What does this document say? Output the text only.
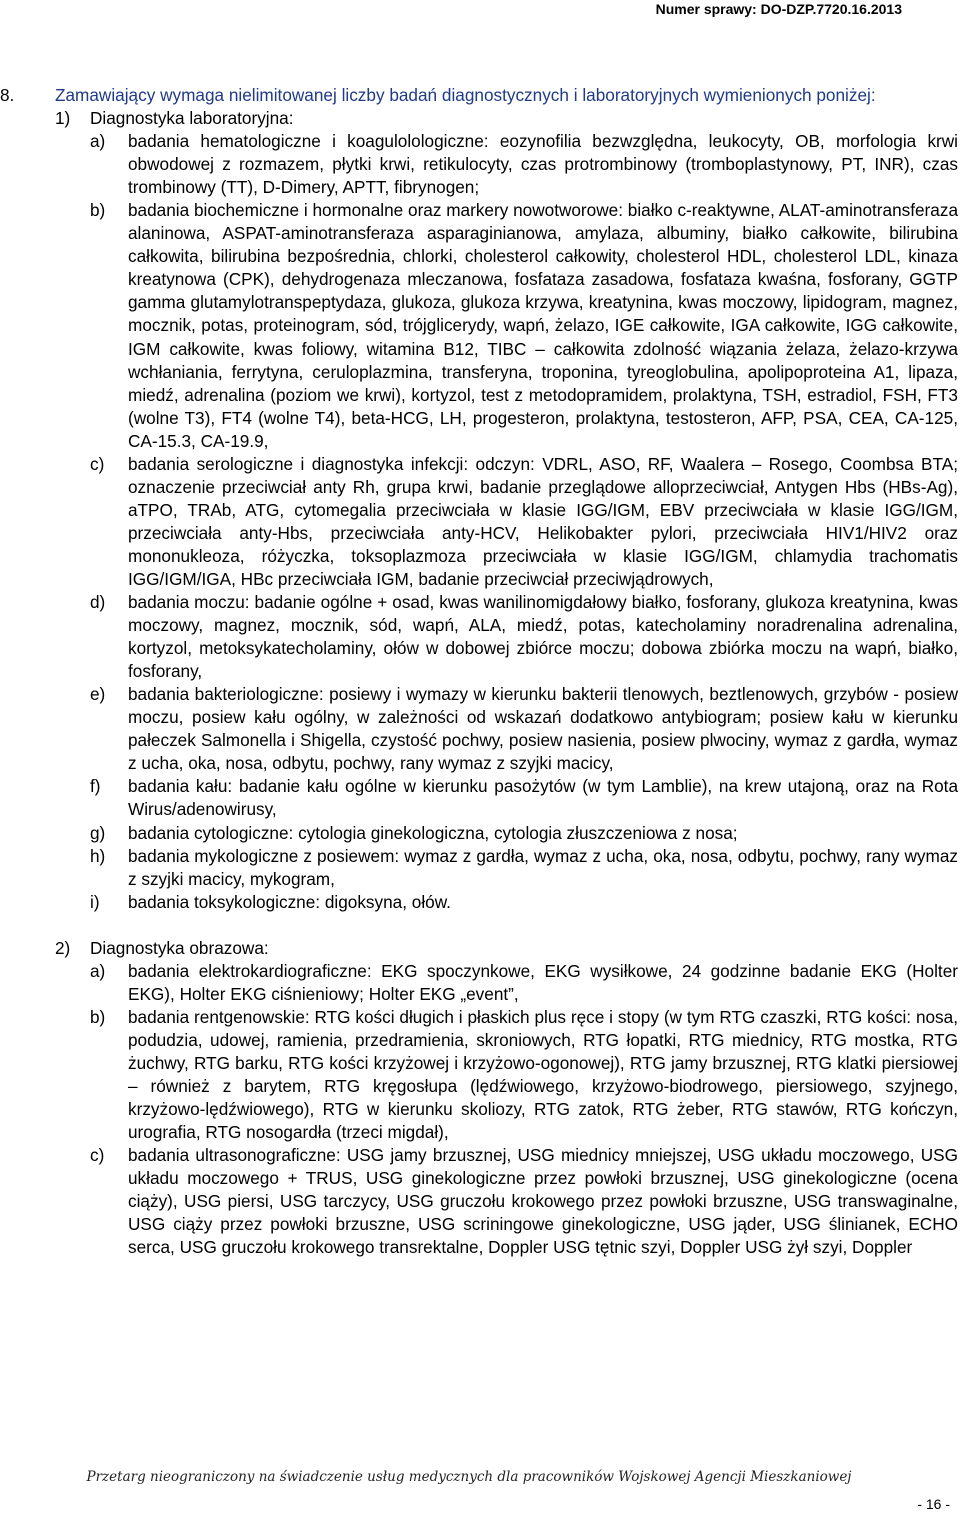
Numer sprawy: DO-DZP.7720.16.2013
8.	Zamawiający wymaga nielimitowanej liczby badań diagnostycznych i laboratoryjnych wymienionych poniżej:
1)	Diagnostyka laboratoryjna:
a)	badania hematologiczne i koagulolologiczne: eozynofilia bezwzględna, leukocyty, OB, morfologia krwi obwodowej z rozmazem, płytki krwi, retikulocyty, czas protrombinowy (tromboplastynowy, PT, INR), czas trombinowy (TT), D-Dimery, APTT, fibrynogen;
b)	badania biochemiczne i hormonalne oraz markery nowotworowe: białko c-reaktywne, ALAT-aminotransferaza alaninowa, ASPAT-aminotransferaza asparaginianowa, amylaza, albuminy, białko całkowite, bilirubina całkowita, bilirubina bezpośrednia, chlorki, cholesterol całkowity, cholesterol HDL, cholesterol LDL, kinaza kreatynowa (CPK), dehydrogenaza mleczanowa, fosfataza zasadowa, fosfataza kwaśna, fosforany, GGTP gamma glutamylotranspeptydaza, glukoza, glukoza krzywa, kreatynina, kwas moczowy, lipidogram, magnez, mocznik, potas, proteinogram, sód, trójglicerydy, wapń, żelazo, IGE całkowite, IGA całkowite, IGG całkowite, IGM całkowite, kwas foliowy, witamina B12, TIBC – całkowita zdolność wiązania żelaza, żelazo-krzywa wchłaniania, ferrytyna, ceruloplazmina, transferyna, troponina, tyreoglobulina, apolipoproteina A1, lipaza, miedź, adrenalina (poziom we krwi), kortyzol, test z metodopramidem, prolaktyna, TSH, estradiol, FSH, FT3 (wolne T3), FT4 (wolne T4), beta-HCG, LH, progesteron, prolaktyna, testosteron, AFP, PSA, CEA, CA-125, CA-15.3, CA-19.9,
c)	badania serologiczne i diagnostyka infekcji: odczyn: VDRL, ASO, RF, Waalera – Rosego, Coombsa BTA; oznaczenie przeciwciał anty Rh, grupa krwi, badanie przeglądowe alloprzeciwciał, Antygen Hbs (HBs-Ag), aTPO, TRAb, ATG, cytomegalia przeciwciała w klasie IGG/IGM, EBV przeciwciała w klasie IGG/IGM, przeciwciała anty-Hbs, przeciwciała anty-HCV, Helikobakter pylori, przeciwciała HIV1/HIV2 oraz mononukleoza, różyczka, toksoplazmoza przeciwciała w klasie IGG/IGM, chlamydia trachomatis IGG/IGM/IGA, HBc przeciwciała IGM, badanie przeciwciał przeciwjądrowych,
d)	badania moczu: badanie ogólne + osad, kwas wanilinomigdałowy białko, fosforany, glukoza kreatynina, kwas moczowy, magnez, mocznik, sód, wapń, ALA, miedź, potas, katecholaminy noradrenalina adrenalina, kortyzol, metoksykatecholaminy, ołów w dobowej zbiórce moczu; dobowa zbiórka moczu na wapń, białko, fosforany,
e)	badania bakteriologiczne: posiewy i wymazy w kierunku bakterii tlenowych, beztlenowych, grzybów - posiew moczu, posiew kału ogólny, w zależności od wskazań dodatkowo antybiogram; posiew kału w kierunku pałeczek Salmonella i Shigella, czystość pochwy, posiew nasienia, posiew plwociny, wymaz z gardła, wymaz z ucha, oka, nosa, odbytu, pochwy, rany wymaz z szyjki macicy,
f)	badania kału: badanie kału ogólne w kierunku pasożytów (w tym Lamblie), na krew utajoną, oraz na Rota Wirus/adenowirusy,
g)	badania cytologiczne: cytologia ginekologiczna, cytologia złuszczeniowa z nosa;
h)	badania mykologiczne z posiewem: wymaz z gardła, wymaz z ucha, oka, nosa, odbytu, pochwy, rany wymaz z szyjki macicy, mykogram,
i)	badania toksykologiczne: digoksyna, ołów.
2)	Diagnostyka obrazowa:
a)	badania elektrokardiograficzne: EKG spoczynkowe, EKG wysiłkowe, 24 godzinne badanie EKG (Holter EKG), Holter EKG ciśnieniowy; Holter EKG „event”,
b)	badania rentgenowskie: RTG kości długich i płaskich plus ręce i stopy (w tym RTG czaszki, RTG kości: nosa, podudzia, udowej, ramienia, przedramienia, skroniowych, RTG łopatki, RTG miednicy, RTG mostka, RTG żuchwy, RTG barku, RTG kości krzyżowej i krzyżowo-ogonowej), RTG jamy brzusznej, RTG klatki piersiowej – również z barytem, RTG kręgosłupa (lędźwiowego, krzyżowo-biodrowego, piersiowego, szyjnego, krzyżowo-lędźwiowego), RTG w kierunku skoliozy, RTG zatok, RTG żeber, RTG stawów, RTG kończyn, urografia, RTG nosogardła (trzeci migdał),
c)	badania ultrasonograficzne: USG jamy brzusznej, USG miednicy mniejszej, USG układu moczowego, USG układu moczowego + TRUS, USG ginekologiczne przez powłoki brzusznej, USG ginekologiczne (ocena ciąży), USG piersi, USG tarczycy, USG gruczołu krokowego przez powłoki brzuszne, USG transwaginalne, USG ciąży przez powłoki brzuszne, USG scriningowe ginekologiczne, USG jąder, USG ślinianek, ECHO serca, USG gruczołu krokowego transrektalne, Doppler USG tętnic szyi, Doppler USG żył szyi, Doppler
Przetarg nieograniczony na świadczenie usług medycznych dla pracowników Wojskowej Agencji Mieszkaniowej
- 16 -
